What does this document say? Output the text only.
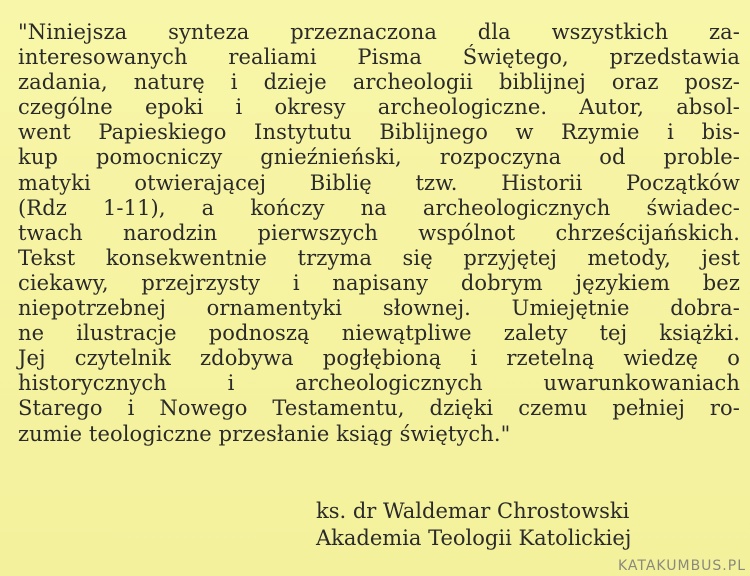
"Niniejsza synteza przeznaczona dla wszystkich za-
interesowanych realiami Pisma Świętego, przedstawia
zadania, naturę i dzieje archeologii biblijnej oraz posz-
czególne epoki i okresy archeologiczne. Autor, absol-
went Papieskiego Instytutu Biblijnego w Rzymie i bis-
kup pomocniczy gnieźnieński, rozpoczyna od proble-
matyki otwierającej Biblię tzw. Historii Początków
(Rdz 1-11), a kończy na archeologicznych świadec-
twach narodzin pierwszych wspólnot chrześcijańskich.
Tekst konsekwentnie trzyma się przyjętej metody, jest
ciekawy, przejrzysty i napisany dobrym językiem bez
niepotrzebnej ornamentyki słownej. Umiejętnie dobra-
ne ilustracje podnoszą niewątpliwe zalety tej książki.
Jej czytelnik zdobywa pogłębioną i rzetelną wiedzę o
historycznych i archeologicznych uwarunkowaniach
Starego i Nowego Testamentu, dzięki czemu pełniej ro-
zumie teologiczne przesłanie ksiąg świętych."
ks. dr Waldemar Chrostowski
Akademia Teologii Katolickiej
KATAKUMBUS.PL
